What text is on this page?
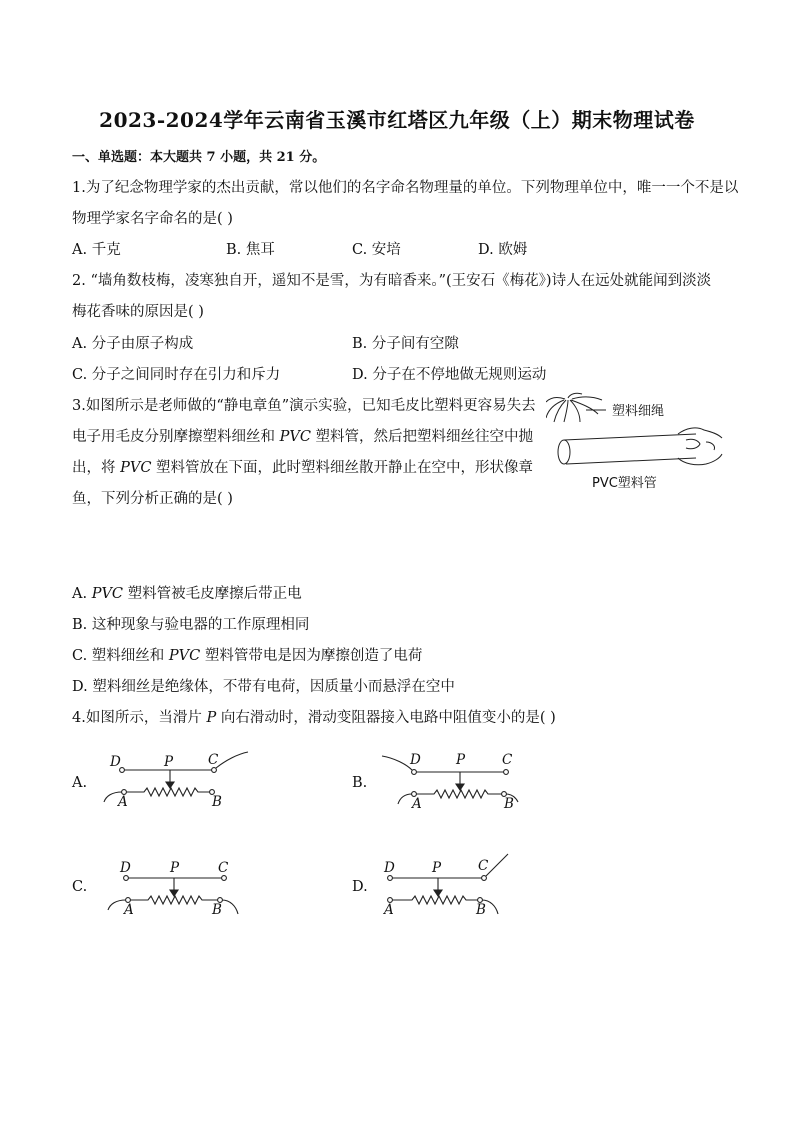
2023-2024学年云南省玉溪市红塔区九年级（上）期末物理试卷
一、单选题：本大题共 7 小题，共 21 分。
1.为了纪念物理学家的杰出贡献，常以他们的名字命名物理量的单位。下列物理单位中，唯一一个不是以
物理学家名字命名的是( )
A. 千克	B. 焦耳	C. 安培	D. 欧姆
2. “墙角数枝梅，凌寒独自开，遥知不是雪，为有暗香来。”(王安石《梅花》)诗人在远处就能闻到淡淡
梅花香味的原因是( )
A. 分子由原子构成	B. 分子间有空隙
C. 分子之间同时存在引力和斥力	D. 分子在不停地做无规则运动
3.如图所示是老师做的“静电章鱼”演示实验，已知毛皮比塑料更容易失去
电子用毛皮分别摩擦塑料细丝和 PVC 塑料管，然后把塑料细丝往空中抛
出，将 PVC 塑料管放在下面，此时塑料细丝散开静止在空中，形状像章
鱼，下列分析正确的是( )
塑料细绳
PVC塑料管
A. PVC 塑料管被毛皮摩擦后带正电
B. 这种现象与验电器的工作原理相同
C. 塑料细丝和 PVC 塑料管带电是因为摩擦创造了电荷
D. 塑料细丝是绝缘体，不带有电荷，因质量小而悬浮在空中
4.如图所示，当滑片 P 向右滑动时，滑动变阻器接入电路中阻值变小的是( )
A.
D	P	C
A	B
B.
D	P	C
A	B
C.
D	P	C
A	B
D.
D	P	C
A	B
